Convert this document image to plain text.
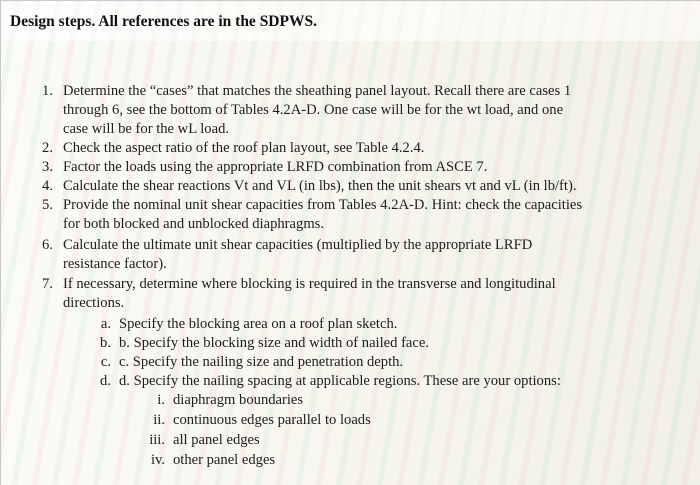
Design steps. All references are in the SDPWS.
1. Determine the “cases” that matches the sheathing panel layout. Recall there are cases 1
through 6, see the bottom of Tables 4.2A-D. One case will be for the wt load, and one
case will be for the wL load.
2. Check the aspect ratio of the roof plan layout, see Table 4.2.4.
3. Factor the loads using the appropriate LRFD combination from ASCE 7.
4. Calculate the shear reactions Vt and VL (in lbs), then the unit shears vt and vL (in lb/ft).
5. Provide the nominal unit shear capacities from Tables 4.2A-D. Hint: check the capacities
for both blocked and unblocked diaphragms.
6. Calculate the ultimate unit shear capacities (multiplied by the appropriate LRFD
resistance factor).
7. If necessary, determine where blocking is required in the transverse and longitudinal
directions.
a. Specify the blocking area on a roof plan sketch.
b. b. Specify the blocking size and width of nailed face.
c. c. Specify the nailing size and penetration depth.
d. d. Specify the nailing spacing at applicable regions. These are your options:
i. diaphragm boundaries
ii. continuous edges parallel to loads
iii. all panel edges
iv. other panel edges
